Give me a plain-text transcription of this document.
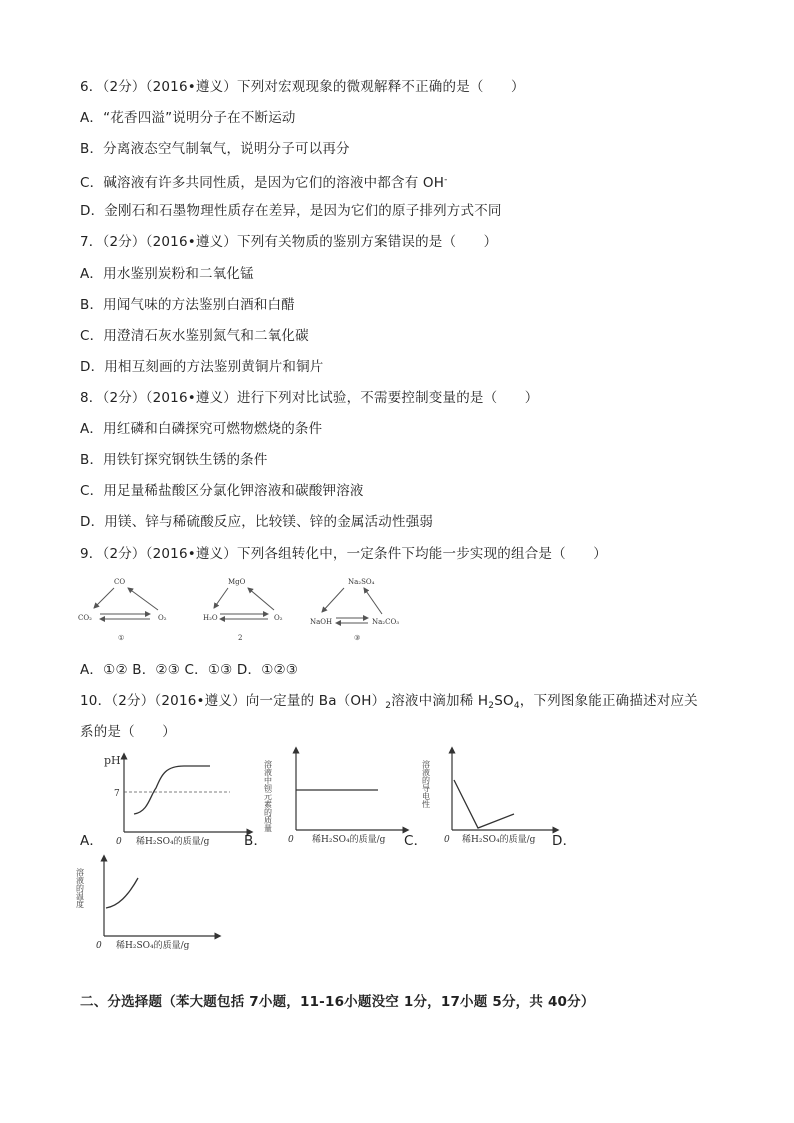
6．（2分）（2016•遵义）下列对宏观现象的微观解释不正确的是（　　）
A．“花香四溢”说明分子在不断运动
B．分离液态空气制氧气，说明分子可以再分
C．碱溶液有许多共同性质，是因为它们的溶液中都含有 OH-
D．金刚石和石墨物理性质存在差异，是因为它们的原子排列方式不同
7．（2分）（2016•遵义）下列有关物质的鉴别方案错误的是（　　）
A．用水鉴别炭粉和二氧化锰
B．用闻气味的方法鉴别白酒和白醋
C．用澄清石灰水鉴别氮气和二氧化碳
D．用相互刻画的方法鉴别黄铜片和铜片
8．（2分）（2016•遵义）进行下列对比试验，不需要控制变量的是（　　）
A．用红磷和白磷探究可燃物燃烧的条件
B．用铁钉探究钢铁生锈的条件
C．用足量稀盐酸区分氯化钾溶液和碳酸钾溶液
D．用镁、锌与稀硫酸反应，比较镁、锌的金属活动性强弱
9．（2分）（2016•遵义）下列各组转化中，一定条件下均能一步实现的组合是（　　）
CO
CO₂	O₂
①
MgO
H₂O	O₂
2
Na₂SO₄
NaOH	Na₂CO₃
③
A．①② B．②③ C．①③ D．①②③
10．（2分）（2016•遵义）向一定量的 $Ba(OH)_2$溶液中滴加稀 $H_2SO_4$，下列图象能正确描述对应关
系的是（　　）
A．
pH
7
0 稀H₂SO₄的质量/g	B．
溶液中钡元素的质量
0 稀H₂SO₄的质量/g C．
溶液的导电性
0 稀H₂SO₄的质量/g D．
溶液的温度
0 稀H₂SO₄的质量/g
二、分选择题（苯大题包括 7小题，11-16小题没空 1分，17小题 5分，共 40分）
